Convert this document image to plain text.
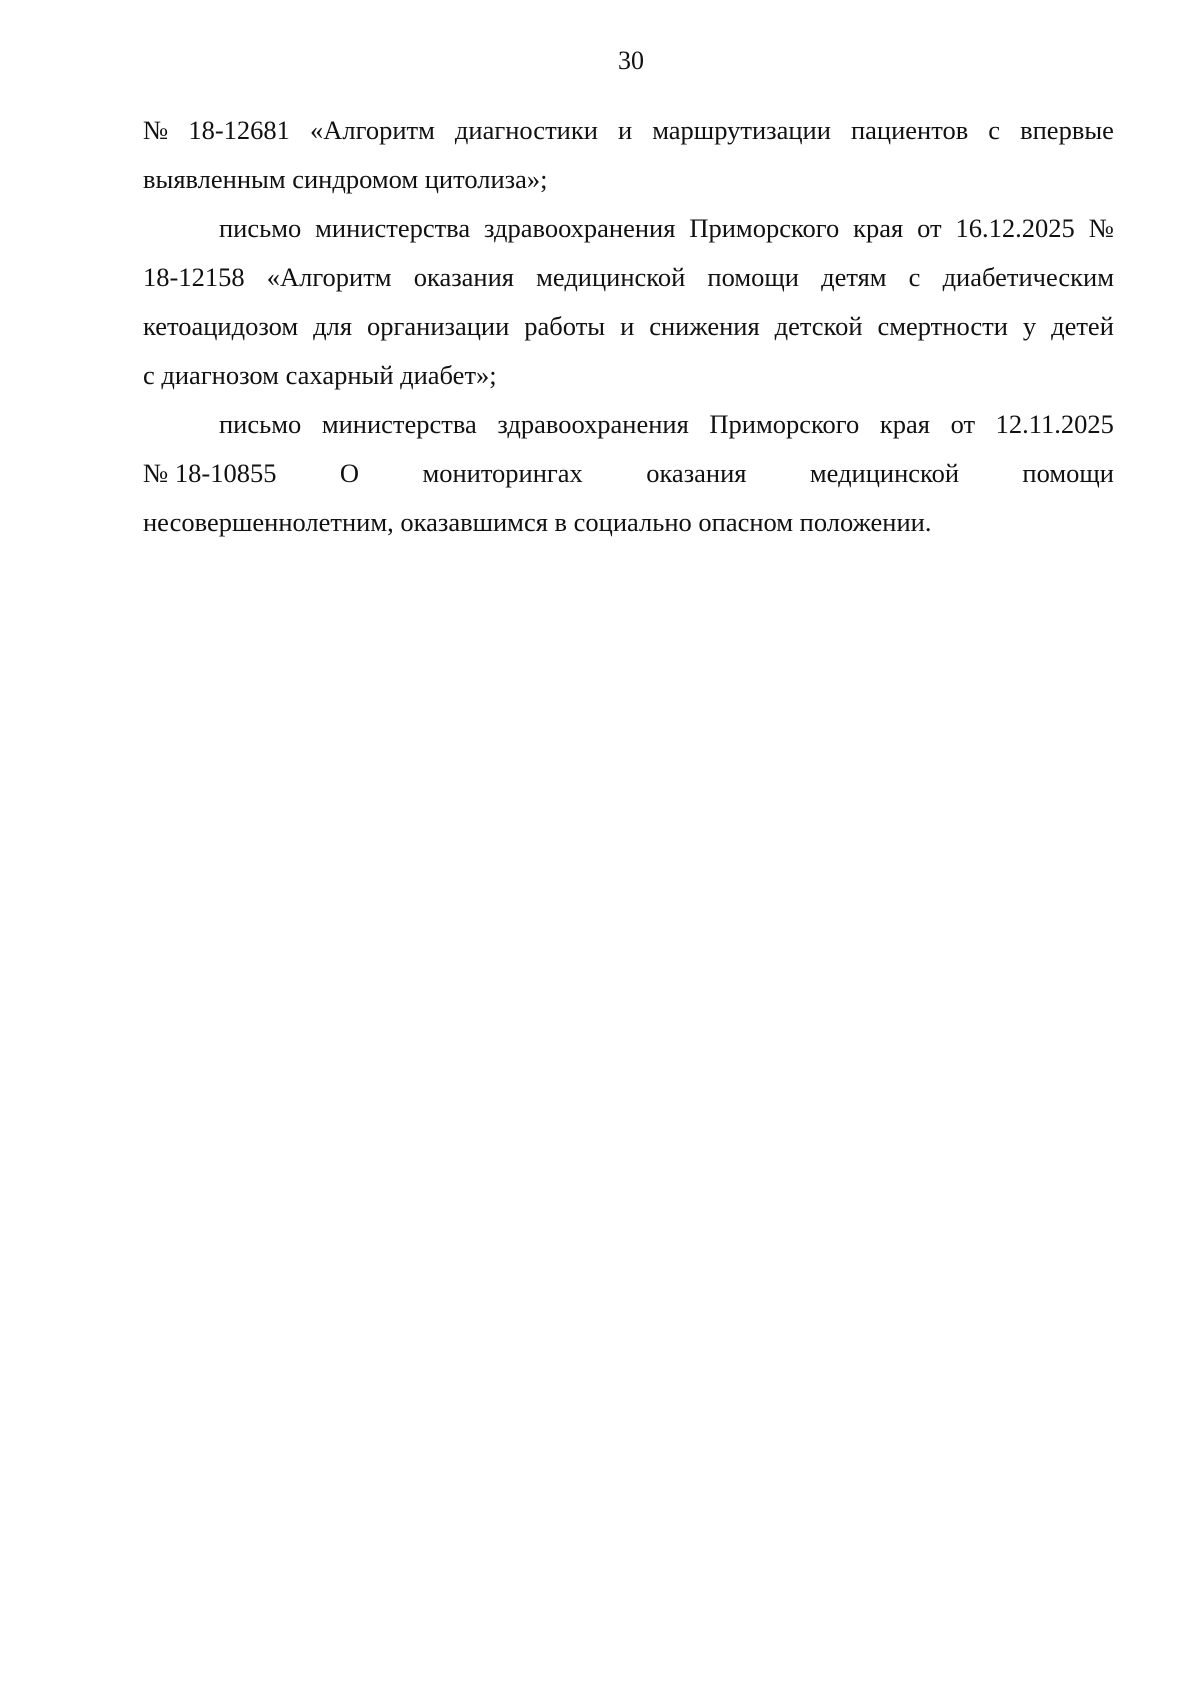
30
№ 18-12681 «Алгоритм диагностики и маршрутизации пациентов с впервые
выявленным синдромом цитолиза»;
письмо министерства здравоохранения Приморского края от 16.12.2025 №
18-12158 «Алгоритм оказания медицинской помощи детям с диабетическим
кетоацидозом для организации работы и снижения детской смертности у детей
с диагнозом сахарный диабет»;
письмо министерства здравоохранения Приморского края от 12.11.2025
№ 18-10855 О мониторингах оказания медицинской помощи
несовершеннолетним, оказавшимся в социально опасном положении.
